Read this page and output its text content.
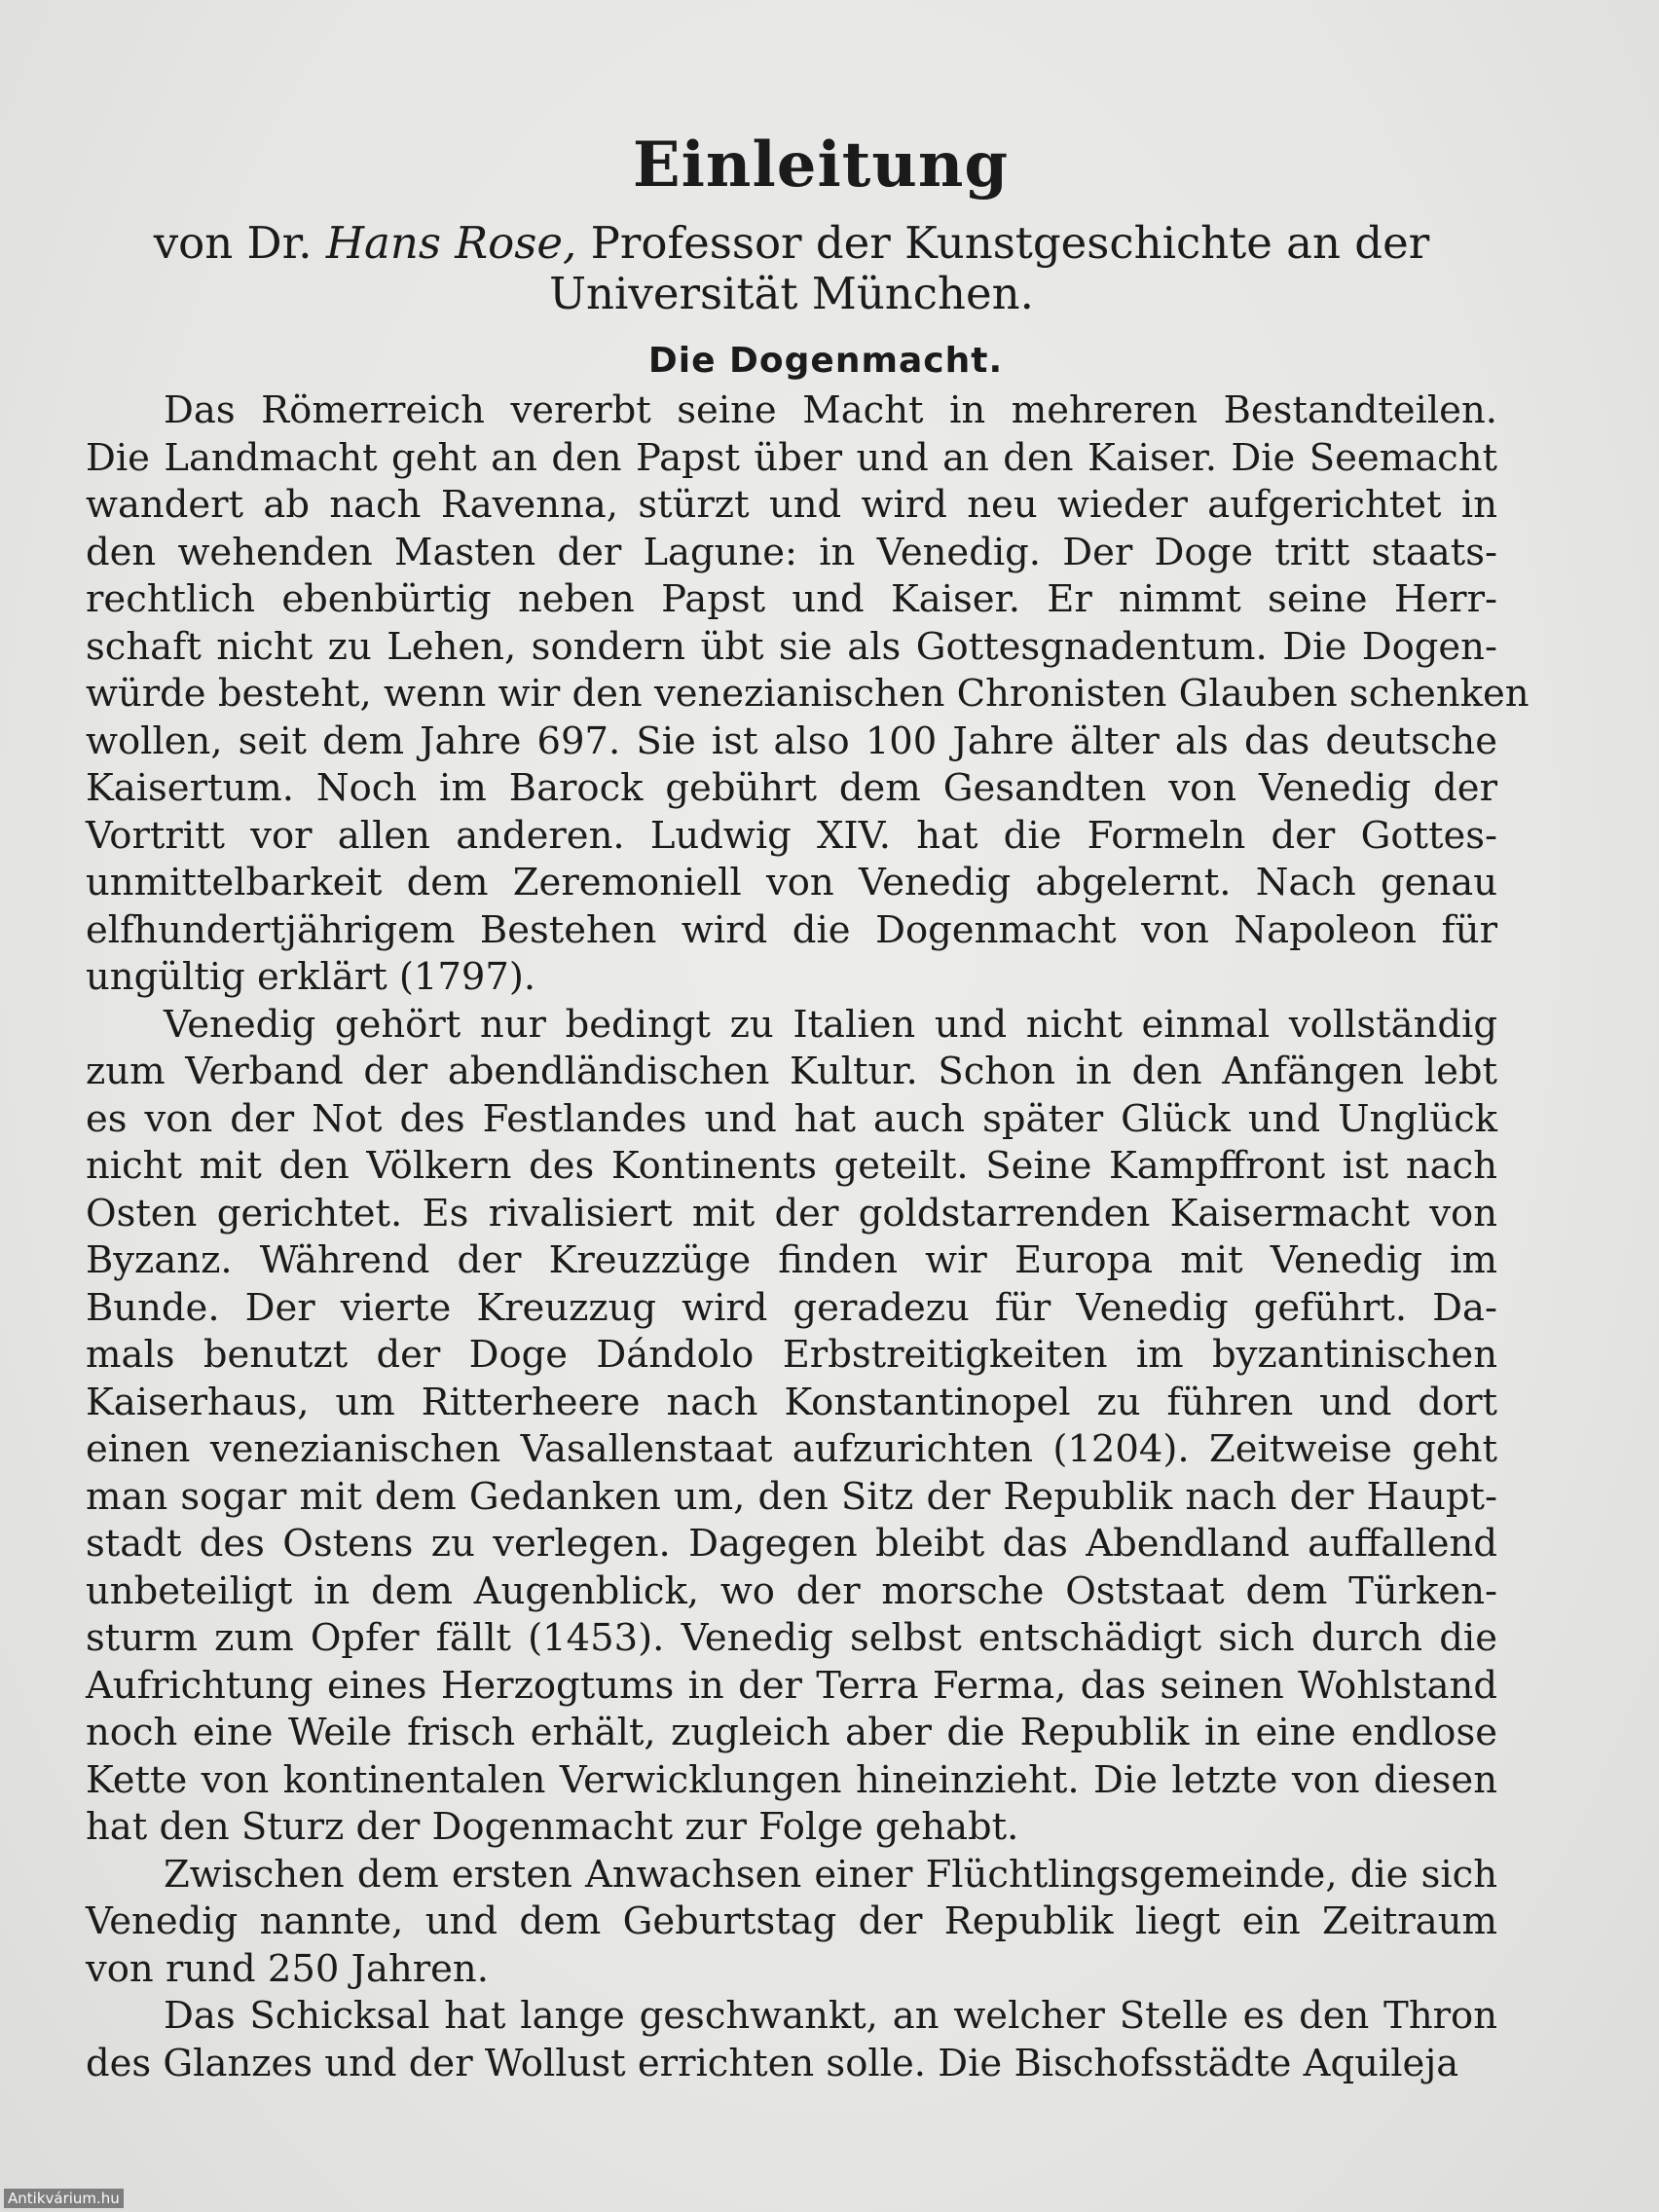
Einleitung
von Dr. Hans Rose, Professor der Kunstgeschichte an der
Universität München.
Die Dogenmacht.
Das Römerreich vererbt seine Macht in mehreren Bestandteilen.
Die Landmacht geht an den Papst über und an den Kaiser. Die Seemacht
wandert ab nach Ravenna, stürzt und wird neu wieder aufgerichtet in
den wehenden Masten der Lagune: in Venedig. Der Doge tritt staats-
rechtlich ebenbürtig neben Papst und Kaiser. Er nimmt seine Herr-
schaft nicht zu Lehen, sondern übt sie als Gottesgnadentum. Die Dogen-
würde besteht, wenn wir den venezianischen Chronisten Glauben schenken
wollen, seit dem Jahre 697. Sie ist also 100 Jahre älter als das deutsche
Kaisertum. Noch im Barock gebührt dem Gesandten von Venedig der
Vortritt vor allen anderen. Ludwig XIV. hat die Formeln der Gottes-
unmittelbarkeit dem Zeremoniell von Venedig abgelernt. Nach genau
elfhundertjährigem Bestehen wird die Dogenmacht von Napoleon für
ungültig erklärt (1797).
Venedig gehört nur bedingt zu Italien und nicht einmal vollständig
zum Verband der abendländischen Kultur. Schon in den Anfängen lebt
es von der Not des Festlandes und hat auch später Glück und Unglück
nicht mit den Völkern des Kontinents geteilt. Seine Kampffront ist nach
Osten gerichtet. Es rivalisiert mit der goldstarrenden Kaisermacht von
Byzanz. Während der Kreuzzüge finden wir Europa mit Venedig im
Bunde. Der vierte Kreuzzug wird geradezu für Venedig geführt. Da-
mals benutzt der Doge Dándolo Erbstreitigkeiten im byzantinischen
Kaiserhaus, um Ritterheere nach Konstantinopel zu führen und dort
einen venezianischen Vasallenstaat aufzurichten (1204). Zeitweise geht
man sogar mit dem Gedanken um, den Sitz der Republik nach der Haupt-
stadt des Ostens zu verlegen. Dagegen bleibt das Abendland auffallend
unbeteiligt in dem Augenblick, wo der morsche Oststaat dem Türken-
sturm zum Opfer fällt (1453). Venedig selbst entschädigt sich durch die
Aufrichtung eines Herzogtums in der Terra Ferma, das seinen Wohlstand
noch eine Weile frisch erhält, zugleich aber die Republik in eine endlose
Kette von kontinentalen Verwicklungen hineinzieht. Die letzte von diesen
hat den Sturz der Dogenmacht zur Folge gehabt.
Zwischen dem ersten Anwachsen einer Flüchtlingsgemeinde, die sich
Venedig nannte, und dem Geburtstag der Republik liegt ein Zeitraum
von rund 250 Jahren.
Das Schicksal hat lange geschwankt, an welcher Stelle es den Thron
des Glanzes und der Wollust errichten solle. Die Bischofsstädte Aquileja
Antikvárium.hu
